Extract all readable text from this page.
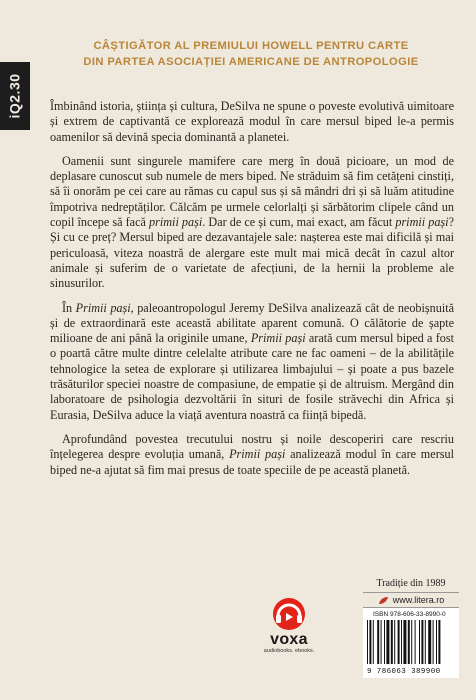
CÂȘTIGĂTOR AL PREMIULUI HOWELL PENTRU CARTE
DIN PARTEA ASOCIAȚIEI AMERICANE DE ANTROPOLOGIE
iQ2.30 Îmbinând istoria, știința și cultura, DeSilva ne spune o poveste evolutivă uimitoare și extrem de captivantă ce explorează modul în care mersul biped le-a permis oamenilor să devină specia dominantă a planetei.

Oamenii sunt singurele mamifere care merg în două picioare, un mod de deplasare cunoscut sub numele de mers biped. Ne străduim să fim cetățeni cinstiți, să îi onorăm pe cei care au rămas cu capul sus și să mândri dri și să luăm atitudine împotriva nedreptăților. Călcăm pe urmele celorlalți și sărbătorim clipele când un copil începe să facă primii pași. Dar de ce și cum, mai exact, am făcut primii pași? Și cu ce preț? Mersul biped are dezavantajele sale: nașterea este mai dificilă și mai periculoasă, viteza noastră de alergare este mult mai mică decât în cazul altor animale și suferim de o varietate de afecțiuni, de la hernii la probleme ale sinusurilor.

În Primii pași, paleoantropologul Jeremy DeSilva analizează cât de neobișnuită și de extraordinară este această abilitate aparent comună. O călătorie de șapte milioane de ani până la originile umane, Primii pași arată cum mersul biped a fost o poartă către multe dintre celelalte atribute care ne fac oameni – de la abilitățile tehnologice la setea de explorare și utilizarea limbajului – și poate a pus bazele trăsăturilor speciei noastre de compasiune, de empatie și de altruism. Mergând din laboratoare de psihologia dezvoltării în situri de fosile străvechi din Africa și Eurasia, DeSilva aduce la viață aventura noastră ca ființă bipedă.

Aprofundând povestea trecutului nostru și noile descoperiri care rescriu înțelegerea despre evoluția umană, Primii pași analizează modul în care mersul biped ne-a ajutat să fim mai presus de toate speciile de pe această planetă.

voxa
audiobooks. ebooks.
Tradiție din 1989
www.litera.ro
ISBN 978-606-33-8990-0
9 786063 389900
